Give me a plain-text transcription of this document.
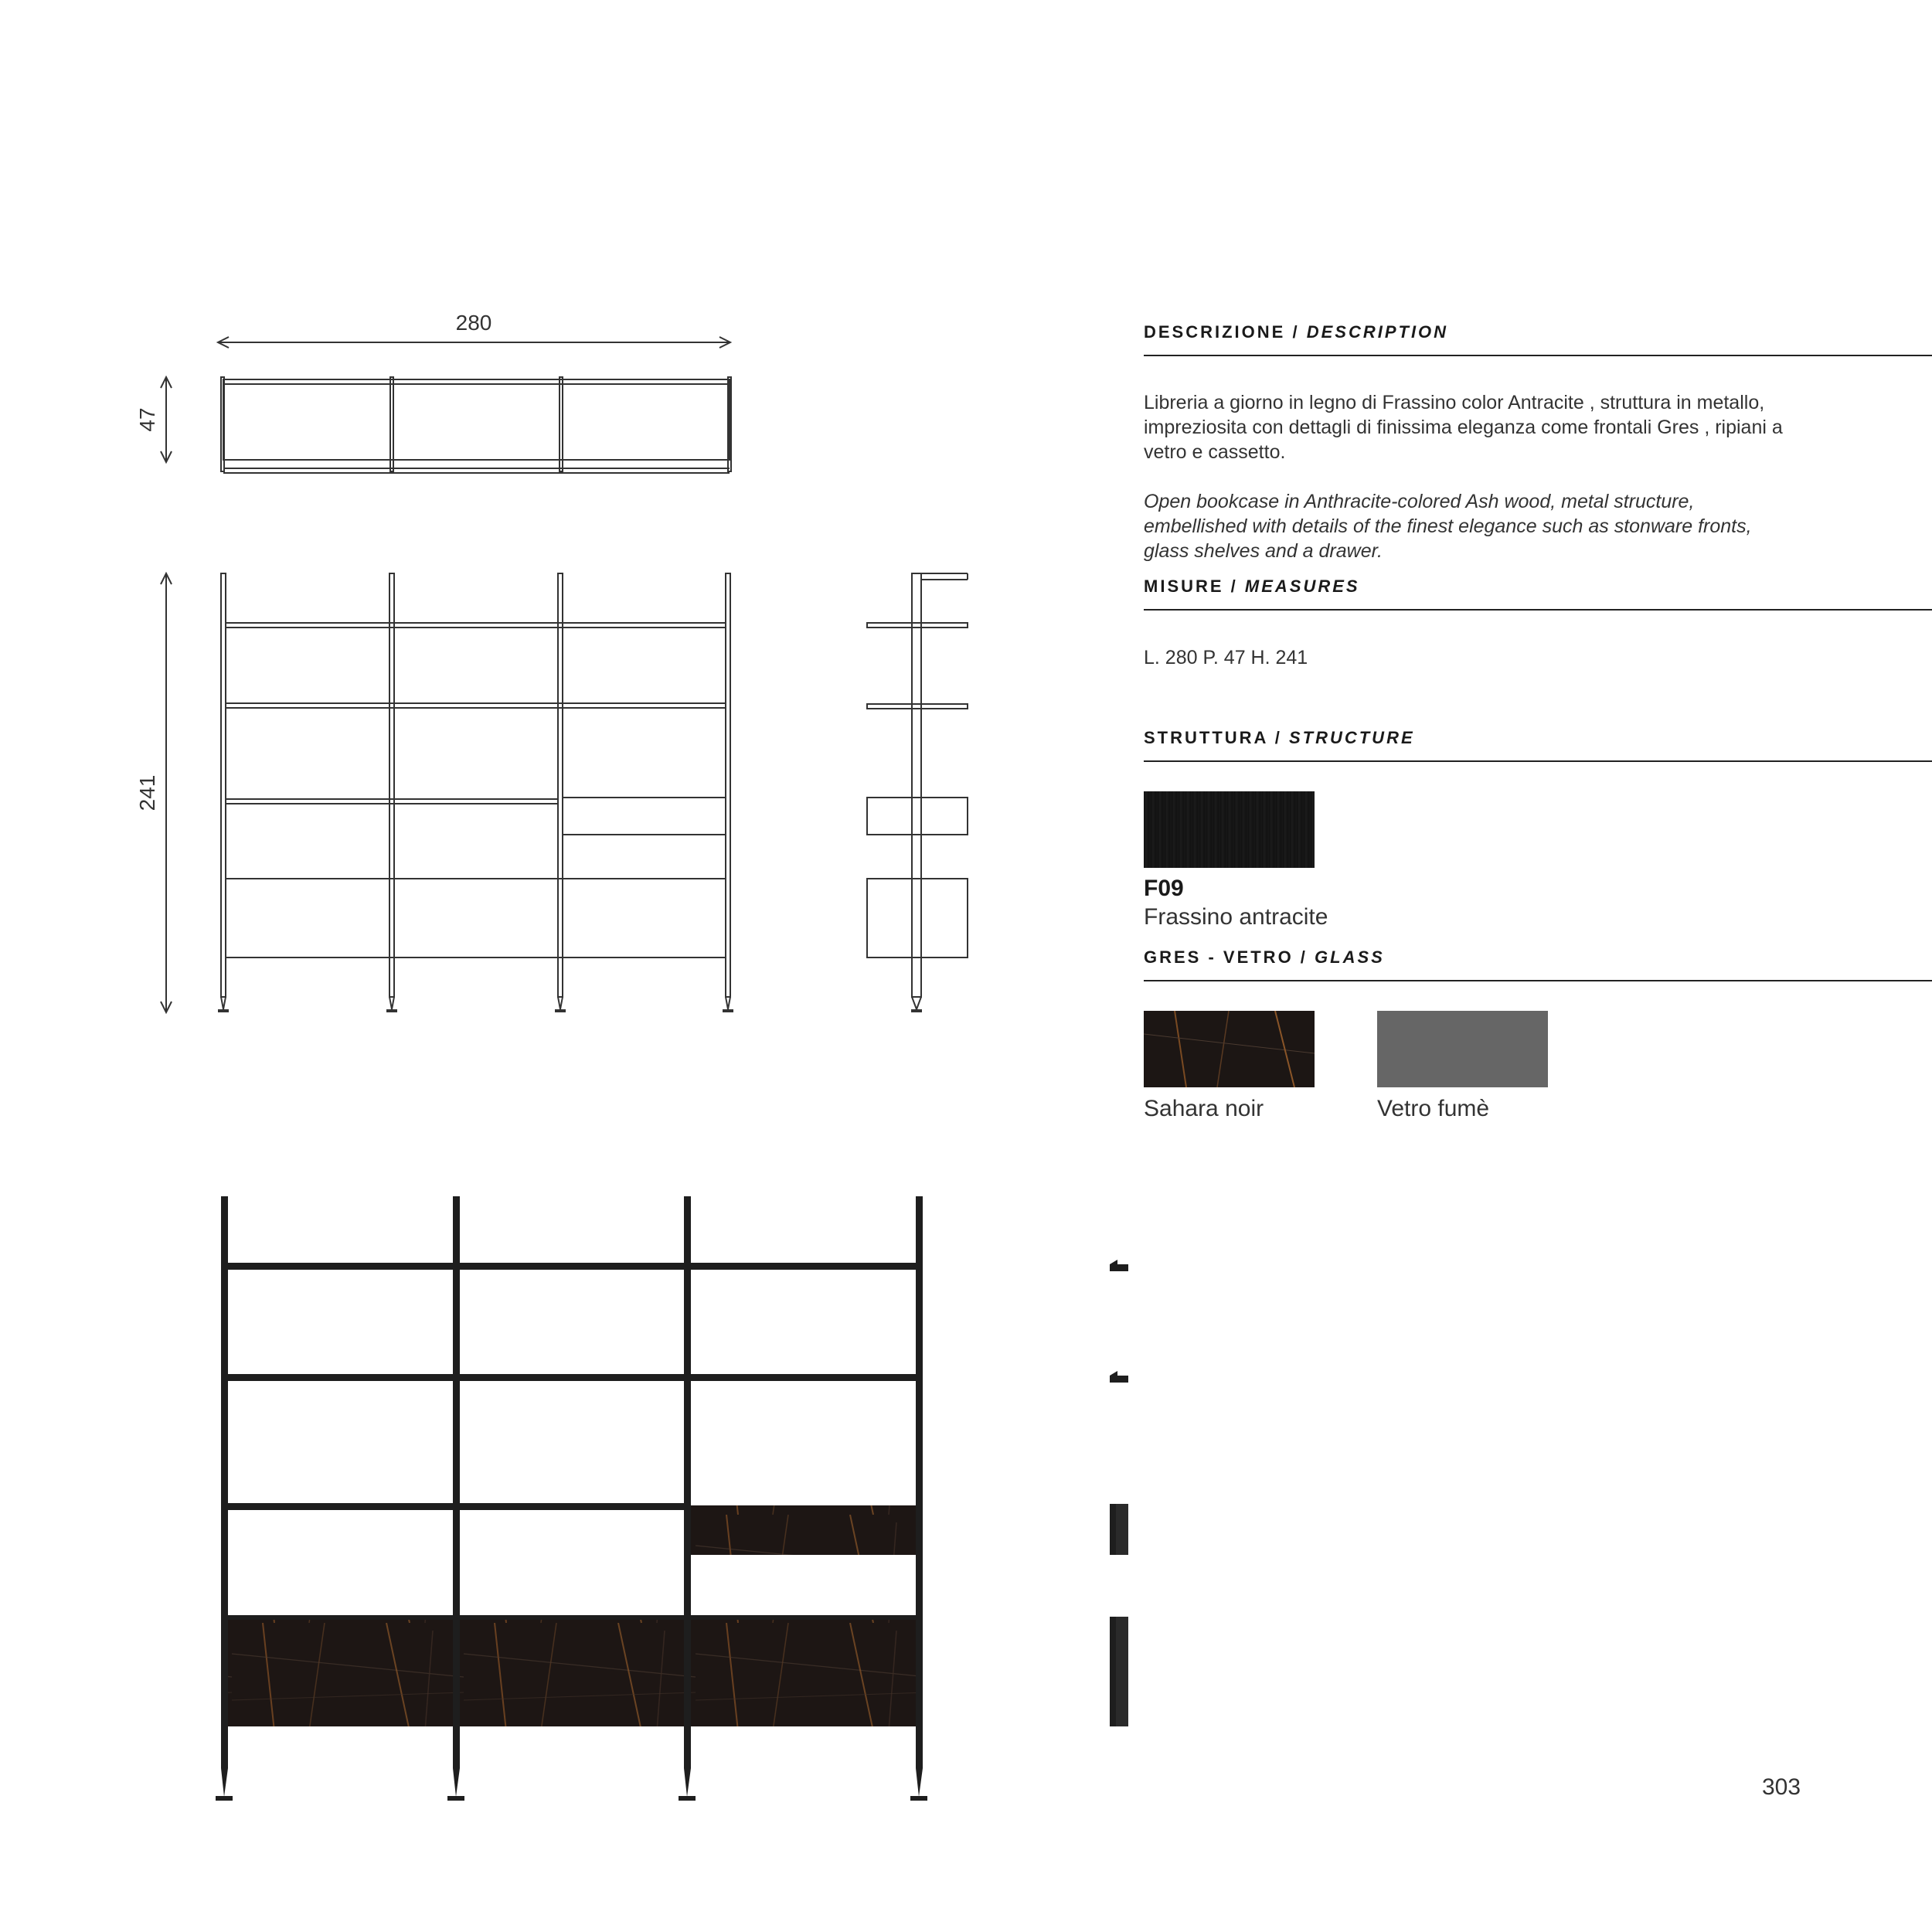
280
47
241
DESCRIZIONE / DESCRIPTION
Libreria a giorno in legno di Frassino color Antracite , struttura in metallo, impreziosita con dettagli di finissima eleganza come frontali Gres , ripiani a vetro e cassetto.
Open bookcase in Anthracite-colored Ash wood, metal structure, embellished with details of the finest elegance such as stonware fronts, glass shelves and a drawer.
MISURE / MEASURES
L. 280 P. 47 H. 241
STRUTTURA / STRUCTURE
F09
Frassino antracite
GRES - VETRO / GLASS
Sahara noir	Vetro fumè
303
